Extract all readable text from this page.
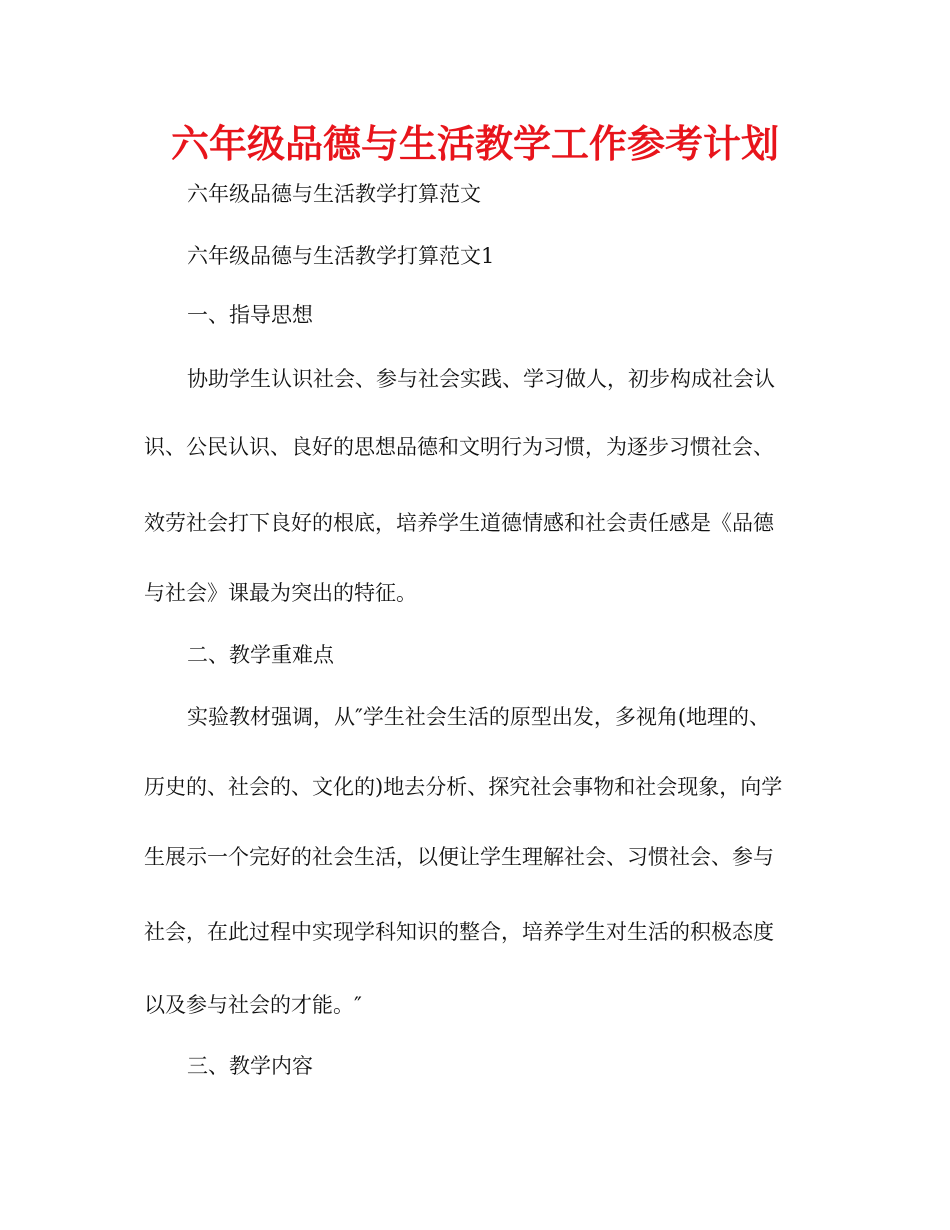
六年级品德与生活教学工作参考计划
六年级品德与生活教学打算范文
六年级品德与生活教学打算范文1
一、指导思想
协助学生认识社会、参与社会实践、学习做人，初步构成社会认
识、公民认识、良好的思想品德和文明行为习惯，为逐步习惯社会、
效劳社会打下良好的根底，培养学生道德情感和社会责任感是《品德
与社会》课最为突出的特征。
二、教学重难点
实验教材强调，从″学生社会生活的原型出发，多视角(地理的、
历史的、社会的、文化的)地去分析、探究社会事物和社会现象，向学
生展示一个完好的社会生活，以便让学生理解社会、习惯社会、参与
社会，在此过程中实现学科知识的整合，培养学生对生活的积极态度
以及参与社会的才能。″
三、教学内容
